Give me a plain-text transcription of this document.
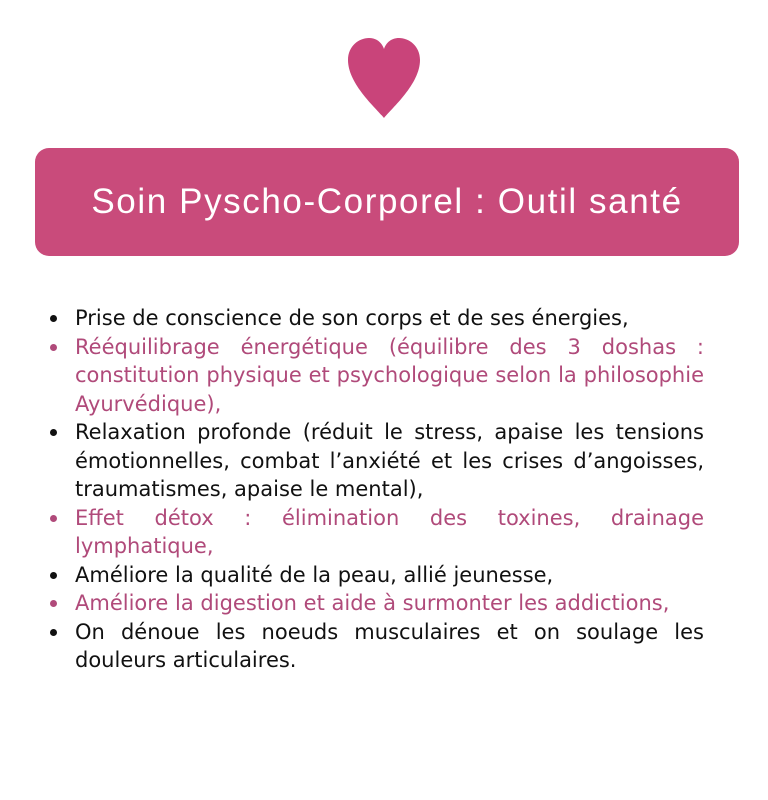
Soin Pyscho-Corporel : Outil santé
Prise de conscience de son corps et de ses énergies,
Rééquilibrage énergétique (équilibre des 3 doshas : constitution physique et psychologique selon la philosophie Ayurvédique),
Relaxation profonde (réduit le stress, apaise les tensions émotionnelles, combat l’anxiété et les crises d’angoisses, traumatismes, apaise le mental),
Effet détox : élimination des toxines, drainage lymphatique,
Améliore la qualité de la peau, allié jeunesse,
Améliore la digestion et aide à surmonter les addictions,
On dénoue les noeuds musculaires et on soulage les douleurs articulaires.
